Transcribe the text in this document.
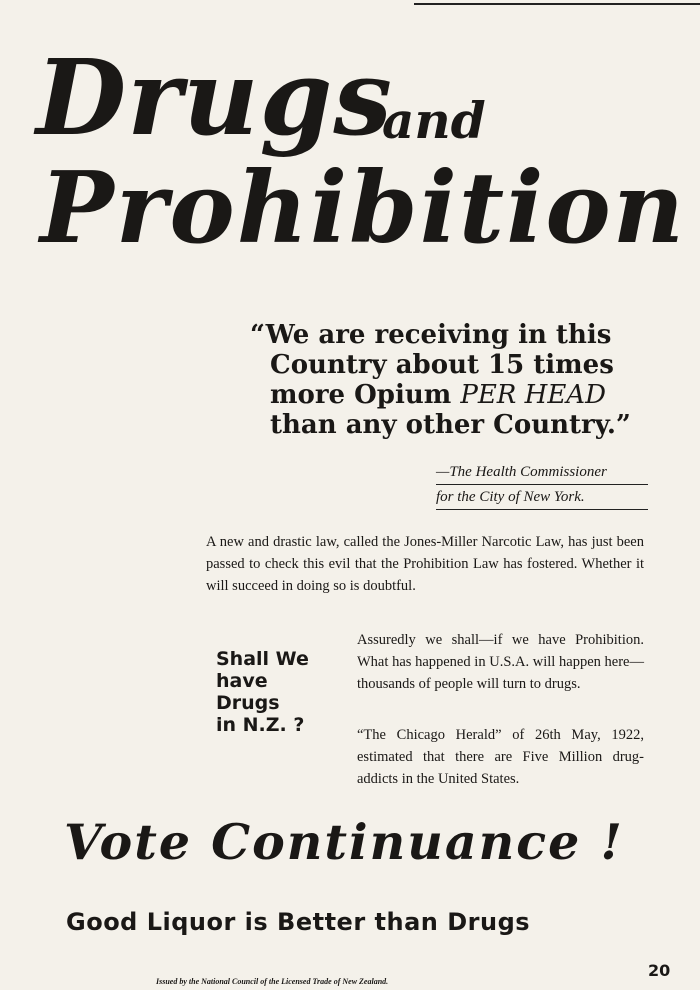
Drugs
and
Prohibition
“We are receiving in this
Country about 15 times
more Opium PER HEAD
than any other Country.”
—The Health Commissioner
for the City of New York.
A new and drastic law, called the Jones-Miller Narcotic Law, has just been passed to check this evil that the Prohibition Law has fostered. Whether it will succeed in doing so is doubtful.
Shall We
have
Drugs
in N.Z. ?
Assuredly we shall—if we have Prohibition. What has happened in U.S.A. will happen here—thousands of people will turn to drugs.
“The Chicago Herald” of 26th May, 1922, estimated that there are Five Million drug-addicts in the United States.
Vote Continuance !
Good Liquor is Better than Drugs
Issued by the National Council of the Licensed Trade of New Zealand.
20
